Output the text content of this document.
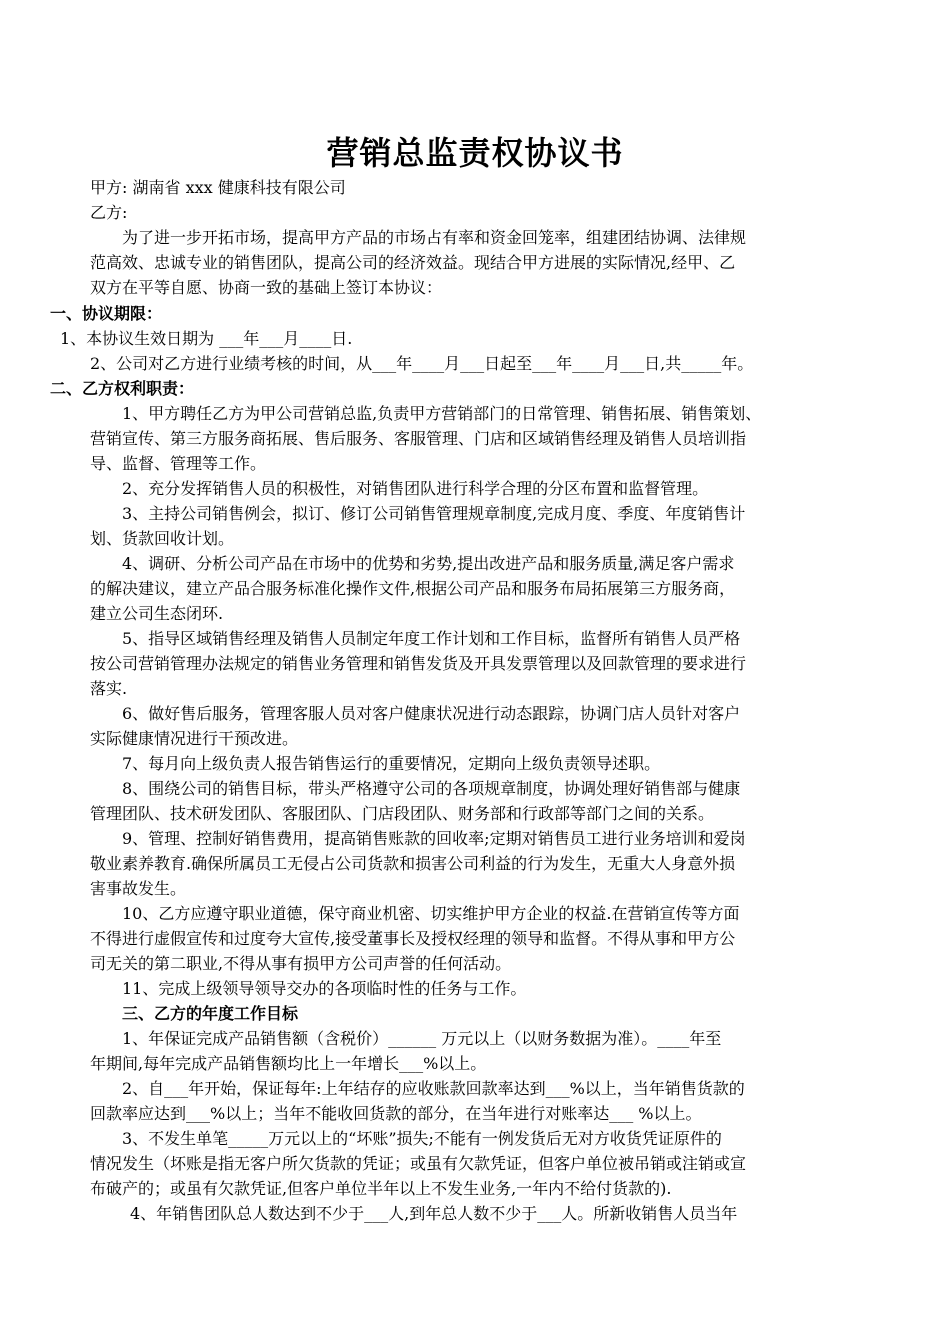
营销总监责权协议书
甲方: 湖南省 xxx 健康科技有限公司
乙方:
为了进一步开拓市场，提高甲方产品的市场占有率和资金回笼率，组建团结协调、法律规
范高效、忠诚专业的销售团队，提高公司的经济效益。现结合甲方进展的实际情况,经甲、乙
双方在平等自愿、协商一致的基础上签订本协议：
一、协议期限：
1、本协议生效日期为 ___年___月____日.
2、公司对乙方进行业绩考核的时间，从___年____月___日起至___年____月___日,共_____年。
二、乙方权利职责：
1、甲方聘任乙方为甲公司营销总监,负责甲方营销部门的日常管理、销售拓展、销售策划、
营销宣传、第三方服务商拓展、售后服务、客服管理、门店和区域销售经理及销售人员培训指
导、监督、管理等工作。
2、充分发挥销售人员的积极性，对销售团队进行科学合理的分区布置和监督管理。
3、主持公司销售例会，拟订、修订公司销售管理规章制度,完成月度、季度、年度销售计
划、货款回收计划。
4、调研、分析公司产品在市场中的优势和劣势,提出改进产品和服务质量,满足客户需求
的解决建议，建立产品合服务标准化操作文件,根据公司产品和服务布局拓展第三方服务商，
建立公司生态闭环.
5、指导区域销售经理及销售人员制定年度工作计划和工作目标，监督所有销售人员严格
按公司营销管理办法规定的销售业务管理和销售发货及开具发票管理以及回款管理的要求进行
落实.
6、做好售后服务，管理客服人员对客户健康状况进行动态跟踪，协调门店人员针对客户
实际健康情况进行干预改进。
7、每月向上级负责人报告销售运行的重要情况，定期向上级负责领导述职。
8、围绕公司的销售目标，带头严格遵守公司的各项规章制度，协调处理好销售部与健康
管理团队、技术研发团队、客服团队、门店段团队、财务部和行政部等部门之间的关系。
9、管理、控制好销售费用，提高销售账款的回收率;定期对销售员工进行业务培训和爱岗
敬业素养教育.确保所属员工无侵占公司货款和损害公司利益的行为发生，无重大人身意外损
害事故发生。
10、乙方应遵守职业道德，保守商业机密、切实维护甲方企业的权益.在营销宣传等方面
不得进行虚假宣传和过度夸大宣传,接受董事长及授权经理的领导和监督。不得从事和甲方公
司无关的第二职业,不得从事有损甲方公司声誉的任何活动。
11、完成上级领导领导交办的各项临时性的任务与工作。
三、乙方的年度工作目标
1、年保证完成产品销售额（含税价）______ 万元以上（以财务数据为准）。____年至
年期间,每年完成产品销售额均比上一年增长___%以上。
2、自___年开始，保证每年:上年结存的应收账款回款率达到___%以上，当年销售货款的
回款率应达到___%以上；当年不能收回货款的部分，在当年进行对账率达___ %以上。
3、不发生单笔_____万元以上的“坏账”损失;不能有一例发货后无对方收货凭证原件的
情况发生（坏账是指无客户所欠货款的凭证；或虽有欠款凭证，但客户单位被吊销或注销或宣
布破产的；或虽有欠款凭证,但客户单位半年以上不发生业务,一年内不给付货款的).
4、年销售团队总人数达到不少于___人,到年总人数不少于___人。所新收销售人员当年
